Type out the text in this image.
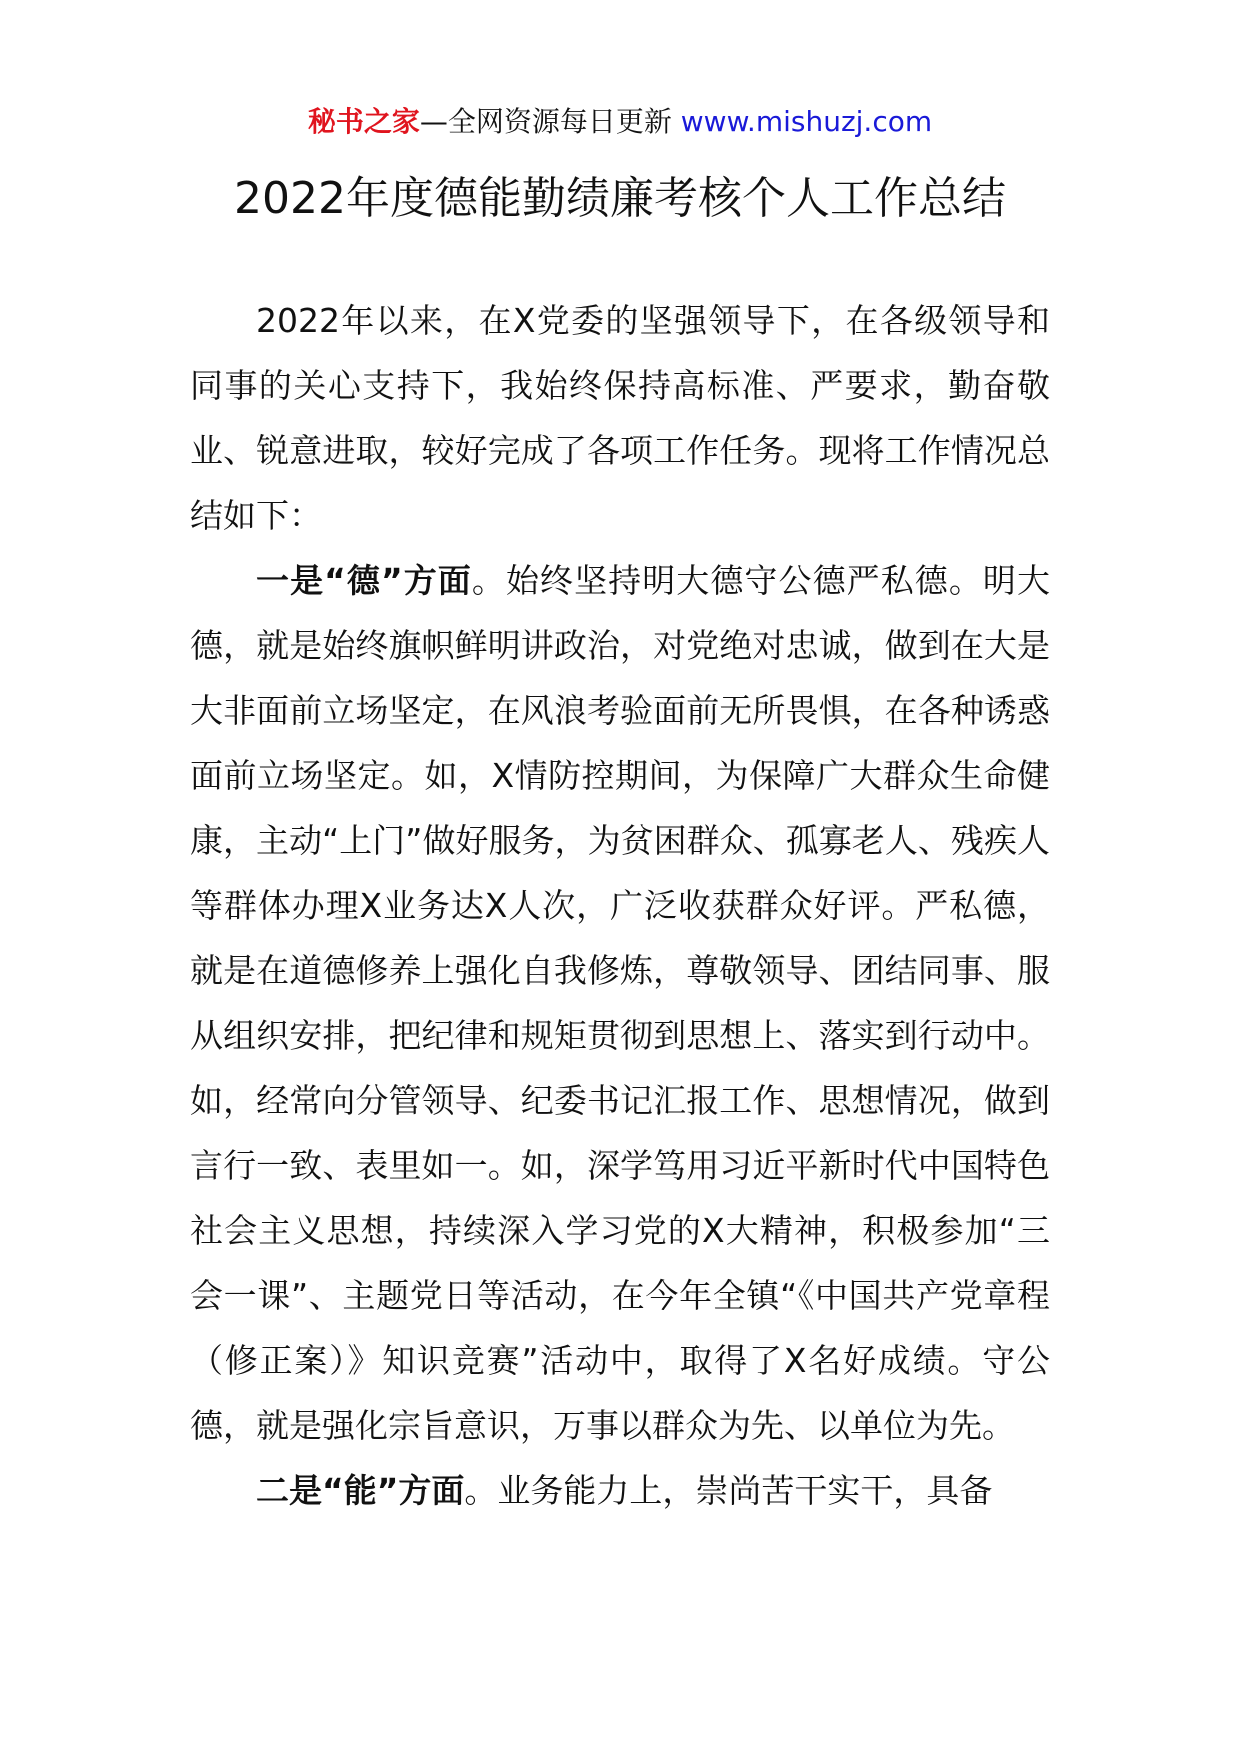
秘书之家—全网资源每日更新 www.mishuzj.com
2022年度德能勤绩廉考核个人工作总结

2022年以来，在X党委的坚强领导下，在各级领导和同事的关心支持下，我始终保持高标准、严要求，勤奋敬业、锐意进取，较好完成了各项工作任务。现将工作情况总结如下：

一是“德”方面。始终坚持明大德守公德严私德。明大德，就是始终旗帜鲜明讲政治，对党绝对忠诚，做到在大是大非面前立场坚定，在风浪考验面前无所畏惧，在各种诱惑面前立场坚定。如，X情防控期间，为保障广大群众生命健康，主动“上门”做好服务，为贫困群众、孤寡老人、残疾人等群体办理X业务达X人次，广泛收获群众好评。严私德，就是在道德修养上强化自我修炼，尊敬领导、团结同事、服从组织安排，把纪律和规矩贯彻到思想上、落实到行动中。如，经常向分管领导、纪委书记汇报工作、思想情况，做到言行一致、表里如一。如，深学笃用习近平新时代中国特色社会主义思想，持续深入学习党的X大精神，积极参加“三会一课”、主题党日等活动，在今年全镇“《中国共产党章程（修正案）》知识竞赛”活动中，取得了X名好成绩。守公德，就是强化宗旨意识，万事以群众为先、以单位为先。

二是“能”方面。业务能力上，崇尚苦干实干，具备
